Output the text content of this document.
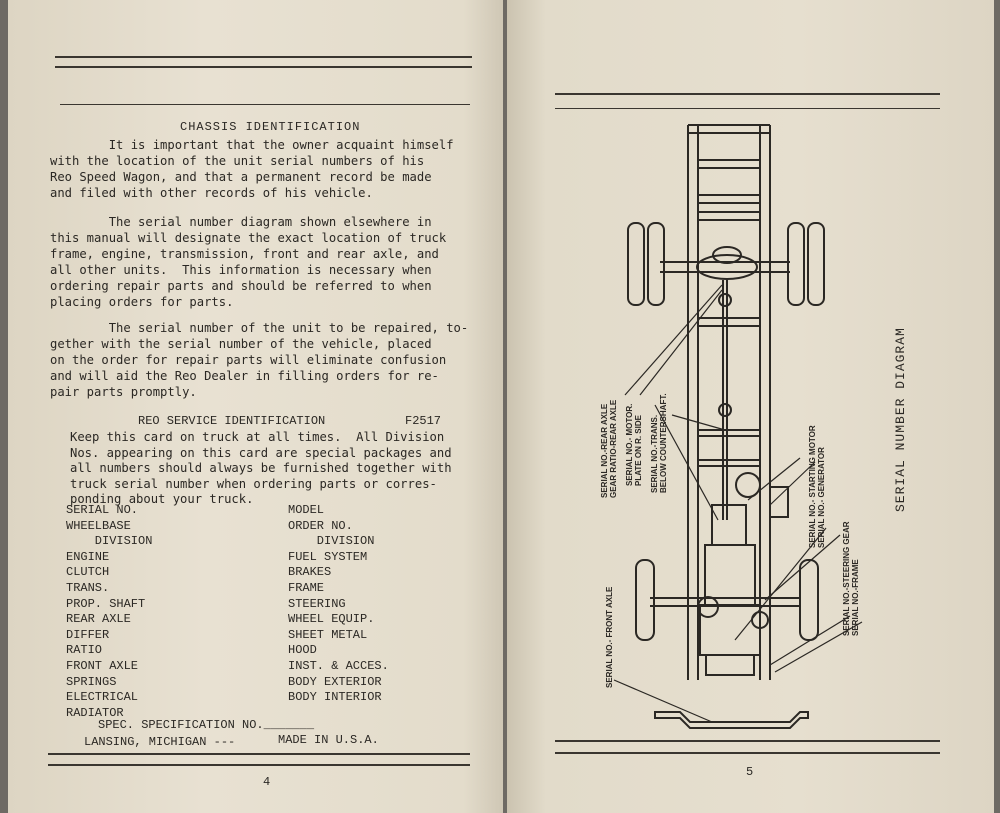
CHASSIS IDENTIFICATION
It is important that the owner acquaint himself
with the location of the unit serial numbers of his
Reo Speed Wagon, and that a permanent record be made
and filed with other records of his vehicle.
The serial number diagram shown elsewhere in
this manual will designate the exact location of truck
frame, engine, transmission, front and rear axle, and
all other units.  This information is necessary when
ordering repair parts and should be referred to when
placing orders for parts.
The serial number of the unit to be repaired, to-
gether with the serial number of the vehicle, placed
on the order for repair parts will eliminate confusion
and will aid the Reo Dealer in filling orders for re-
pair parts promptly.
REO SERVICE IDENTIFICATION	F2517
Keep this card on truck at all times.  All Division
Nos. appearing on this card are special packages and
all numbers should always be furnished together with
truck serial number when ordering parts or corres-
ponding about your truck.
SERIAL NO.
WHEELBASE
DIVISION
ENGINE
CLUTCH
TRANS.
PROP. SHAFT
REAR AXLE
DIFFER
RATIO
FRONT AXLE
SPRINGS
ELECTRICAL
RADIATOR
MODEL
ORDER NO.
DIVISION
FUEL SYSTEM
BRAKES
FRAME
STEERING
WHEEL EQUIP.
SHEET METAL
HOOD
INST. & ACCES.
BODY EXTERIOR
BODY INTERIOR
SPEC. SPECIFICATION NO._______
LANSING, MICHIGAN ---	MADE IN U.S.A.
4
SERIAL NO.-REAR AXLE
GEAR RATIO-REAR AXLE
SERIAL NO.- MOTOR.
PLATE ON R. SIDE
SERIAL NO.-TRANS.
BELOW COUNTERSHAFT.
SERIAL NO.- STARTING MOTOR
SERIAL NO.- GENERATOR
SERIAL NO.-STEERING GEAR
SERIAL NO.-FRAME
SERIAL NO.- FRONT AXLE
SERIAL NUMBER DIAGRAM
5
